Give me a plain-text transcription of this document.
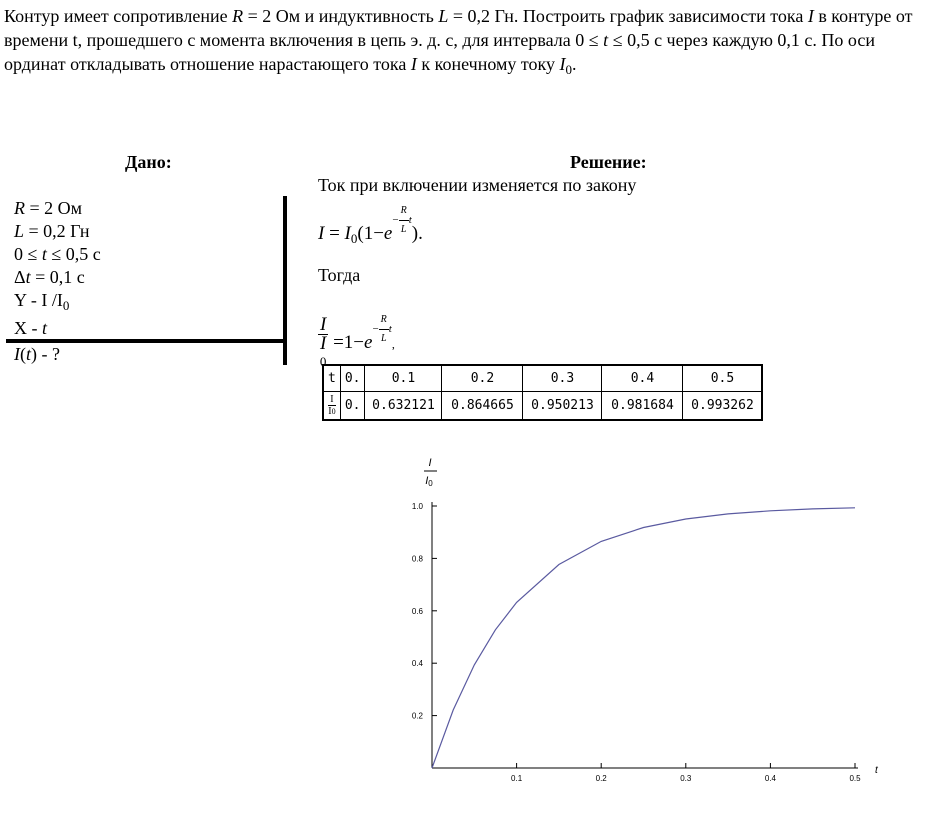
Контур имеет сопротивление R = 2 Ом и индуктивность L = 0,2 Гн. Построить график зависимости тока I в контуре от времени t, прошедшего с момента включения в цепь э. д. с, для интервала 0 ≤ t ≤ 0,5 с через каждую 0,1 с. По оси ординат откладывать отношение нарастающего тока I к конечному току $I_0$.
Дано:
R = 2 Ом
L = 0,2 Гн
0 ≤ t ≤ 0,5 с
Δt = 0,1 с
Y - I $/I_0$
X - t
I(t) - ?
Решение:
Ток при включении изменяется по закону
$I = I_0(1-e^{- \frac{R}{L} t})$.
Тогда
I
I
$0 =1-e^{- \frac{R}{L} t}$,
t	0.	0.1	0.2	0.3	0.4	0.5

I
I0	0.	0.632121	0.864665	0.950213	0.981684	0.993262
I
I0
t
0.1	0.2	0.3	0.4	0.5
0.2
0.4
0.6
0.8
1.0
